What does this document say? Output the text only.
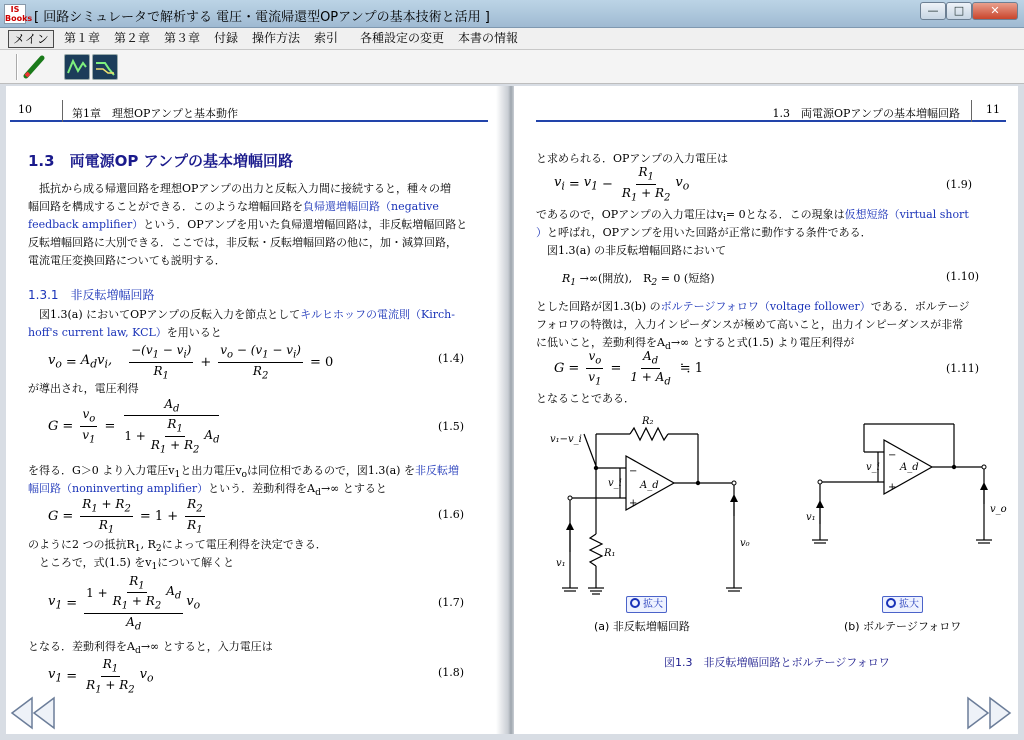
IS Books [ 回路シミュレータで解析する 電圧・電流帰還型OPアンプの基本技術と活用 ]	—	□	✕
メイン	第１章	第２章	第３章	付録	操作方法	索引	各種設定の変更	本書の情報
10	第1章　理想OPアンプと基本動作
1.3　両電源OP アンプの基本増幅回路
　抵抗から成る帰還回路を理想OPアンプの出力と反転入力間に接続すると，種々の増
幅回路を構成することができる．このような増幅回路を負帰還増幅回路（negative
feedback amplifier）という．OPアンプを用いた負帰還増幅回路は，非反転増幅回路と
反転増幅回路に大別できる．ここでは，非反転・反転増幅回路の他に，加・減算回路，
電流電圧変換回路についても説明する．
1.3.1　非反転増幅回路
　図1.3(a) においてOPアンプの反転入力を節点としてキルヒホッフの電流則（Kirch-
hoff's current law, KCL）を用いると
$v_o = A_dv_i$, $\frac{-(v_1 - v_i)}{R_1} + \frac{v_o - (v_1 - v_i)}{R_2} = 0$	(1.4)
が導出され，電圧利得
$G = \frac{v_o}{v_1} = \frac{A_d}{1 + \frac{R_1}{R_1 + R_2} A_d}$	(1.5)
を得る．G＞0 より入力電圧$v_1$と出力電圧$v_o$は同位相であるので，図1.3(a) を非反転増
幅回路（noninverting amplifier）という．差動利得を$A_d\to\infty$ とすると
$G = \frac{R_1 + R_2}{R_1} = 1 + \frac{R_2}{R_1}$	(1.6)
のように2 つの抵抗$R_1$, $R_2$によって電圧利得を決定できる．
　ところで，式(1.5) を$v_1$について解くと
$v_1 = \frac{1 + \frac{R_1}{R_1 + R_2} A_d}{A_d} v_o$	(1.7)
となる．差動利得を$A_d\to\infty$ とすると，入力電圧は
$v_1 = \frac{R_1}{R_1 + R_2} v_o$	(1.8)
1.3　両電源OPアンプの基本増幅回路 11
と求められる．OPアンプの入力電圧は
$v_i = v_1 - \frac{R_1}{R_1 + R_2} v_o$	(1.9)
であるので，OPアンプの入力電圧は$v_i= 0$となる．この現象は仮想短絡（virtual short
）と呼ばれ，OPアンプを用いた回路が正常に動作する条件である．
　図1.3(a) の非反転増幅回路において
$R_1$ →∞(開放),　$R_2 = 0$ (短絡)	(1.10)
とした回路が図1.3(b) のボルテージフォロワ（voltage follower）である．ボルテージ
フォロワの特徴は，入力インピーダンスが極めて高いこと，出力インピーダンスが非常
に低いこと，差動利得を$A_d\to\infty$ とすると式(1.5) より電圧利得が
$G = \frac{v_o}{v_1} = \frac{A_d}{1 + A_d}$ ≒ 1	(1.11)
となることである．
R₂
R₁
A_d
v_i
v₁
v₀
v₁−v_i
−
+
A_d
v_i
v₁
v_o
−
+
拡大	拡大
(a) 非反転増幅回路	(b) ボルテージフォロワ
図1.3　非反転増幅回路とボルテージフォロワ
